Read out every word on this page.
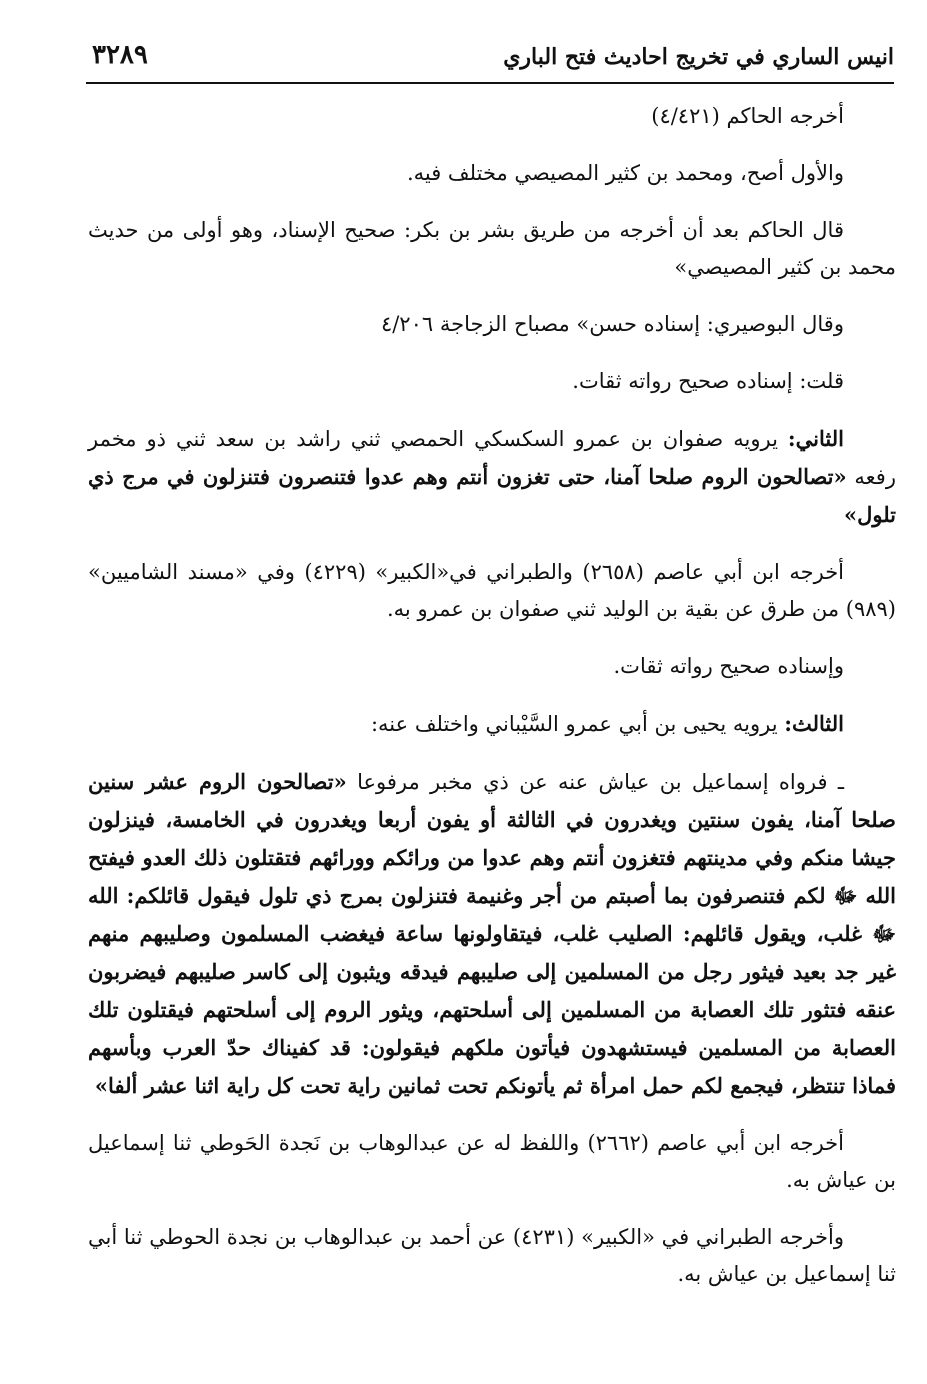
انيس الساري في تخريج احاديث فتح الباري
٣٢٨٩

أخرجه الحاكم (٤/٤٢١)

والأول أصح، ومحمد بن كثير المصيصي مختلف فيه.

قال الحاكم بعد أن أخرجه من طريق بشر بن بكر: صحيح الإسناد، وهو أولى من حديث محمد بن كثير المصيصي»

وقال البوصيري: إسناده حسن» مصباح الزجاجة ٤/٢٠٦

قلت: إسناده صحيح رواته ثقات.

الثاني: يرويه صفوان بن عمرو السكسكي الحمصي ثني راشد بن سعد ثني ذو مخمر رفعه «تصالحون الروم صلحا آمنا، حتى تغزون أنتم وهم عدوا فتنصرون فتنزلون في مرج ذي تلول»

أخرجه ابن أبي عاصم (٢٦٥٨) والطبراني في«الكبير» (٤٢٢٩) وفي «مسند الشاميين» (٩٨٩) من طرق عن بقية بن الوليد ثني صفوان بن عمرو به.

وإسناده صحيح رواته ثقات.

الثالث: يرويه يحيى بن أبي عمرو السَّيْباني واختلف عنه:

ـ فرواه إسماعيل بن عياش عنه عن ذي مخبر مرفوعا «تصالحون الروم عشر سنين صلحا آمنا، يفون سنتين ويغدرون في الثالثة أو يفون أربعا ويغدرون في الخامسة، فينزلون جيشا منكم وفي مدينتهم فتغزون أنتم وهم عدوا من ورائكم وورائهم فتقتلون ذلك العدو فيفتح الله ﷻ لكم فتنصرفون بما أصبتم من أجر وغنيمة فتنزلون بمرج ذي تلول فيقول قائلكم: الله ﷻ غلب، ويقول قائلهم: الصليب غلب، فيتقاولونها ساعة فيغضب المسلمون وصليبهم منهم غير جد بعيد فيثور رجل من المسلمين إلى صليبهم فيدقه ويثبون إلى كاسر صليبهم فيضربون عنقه فتثور تلك العصابة من المسلمين إلى أسلحتهم، ويثور الروم إلى أسلحتهم فيقتلون تلك العصابة من المسلمين فيستشهدون فيأتون ملكهم فيقولون: قد كفيناك حدّ العرب وبأسهم فماذا تنتظر، فيجمع لكم حمل امرأة ثم يأتونكم تحت ثمانين راية تحت كل راية اثنا عشر ألفا»

أخرجه ابن أبي عاصم (٢٦٦٢) واللفظ له عن عبدالوهاب بن نَجدة الحَوطي ثنا إسماعيل بن عياش به.

وأخرجه الطبراني في «الكبير» (٤٢٣١) عن أحمد بن عبدالوهاب بن نجدة الحوطي ثنا أبي ثنا إسماعيل بن عياش به.
